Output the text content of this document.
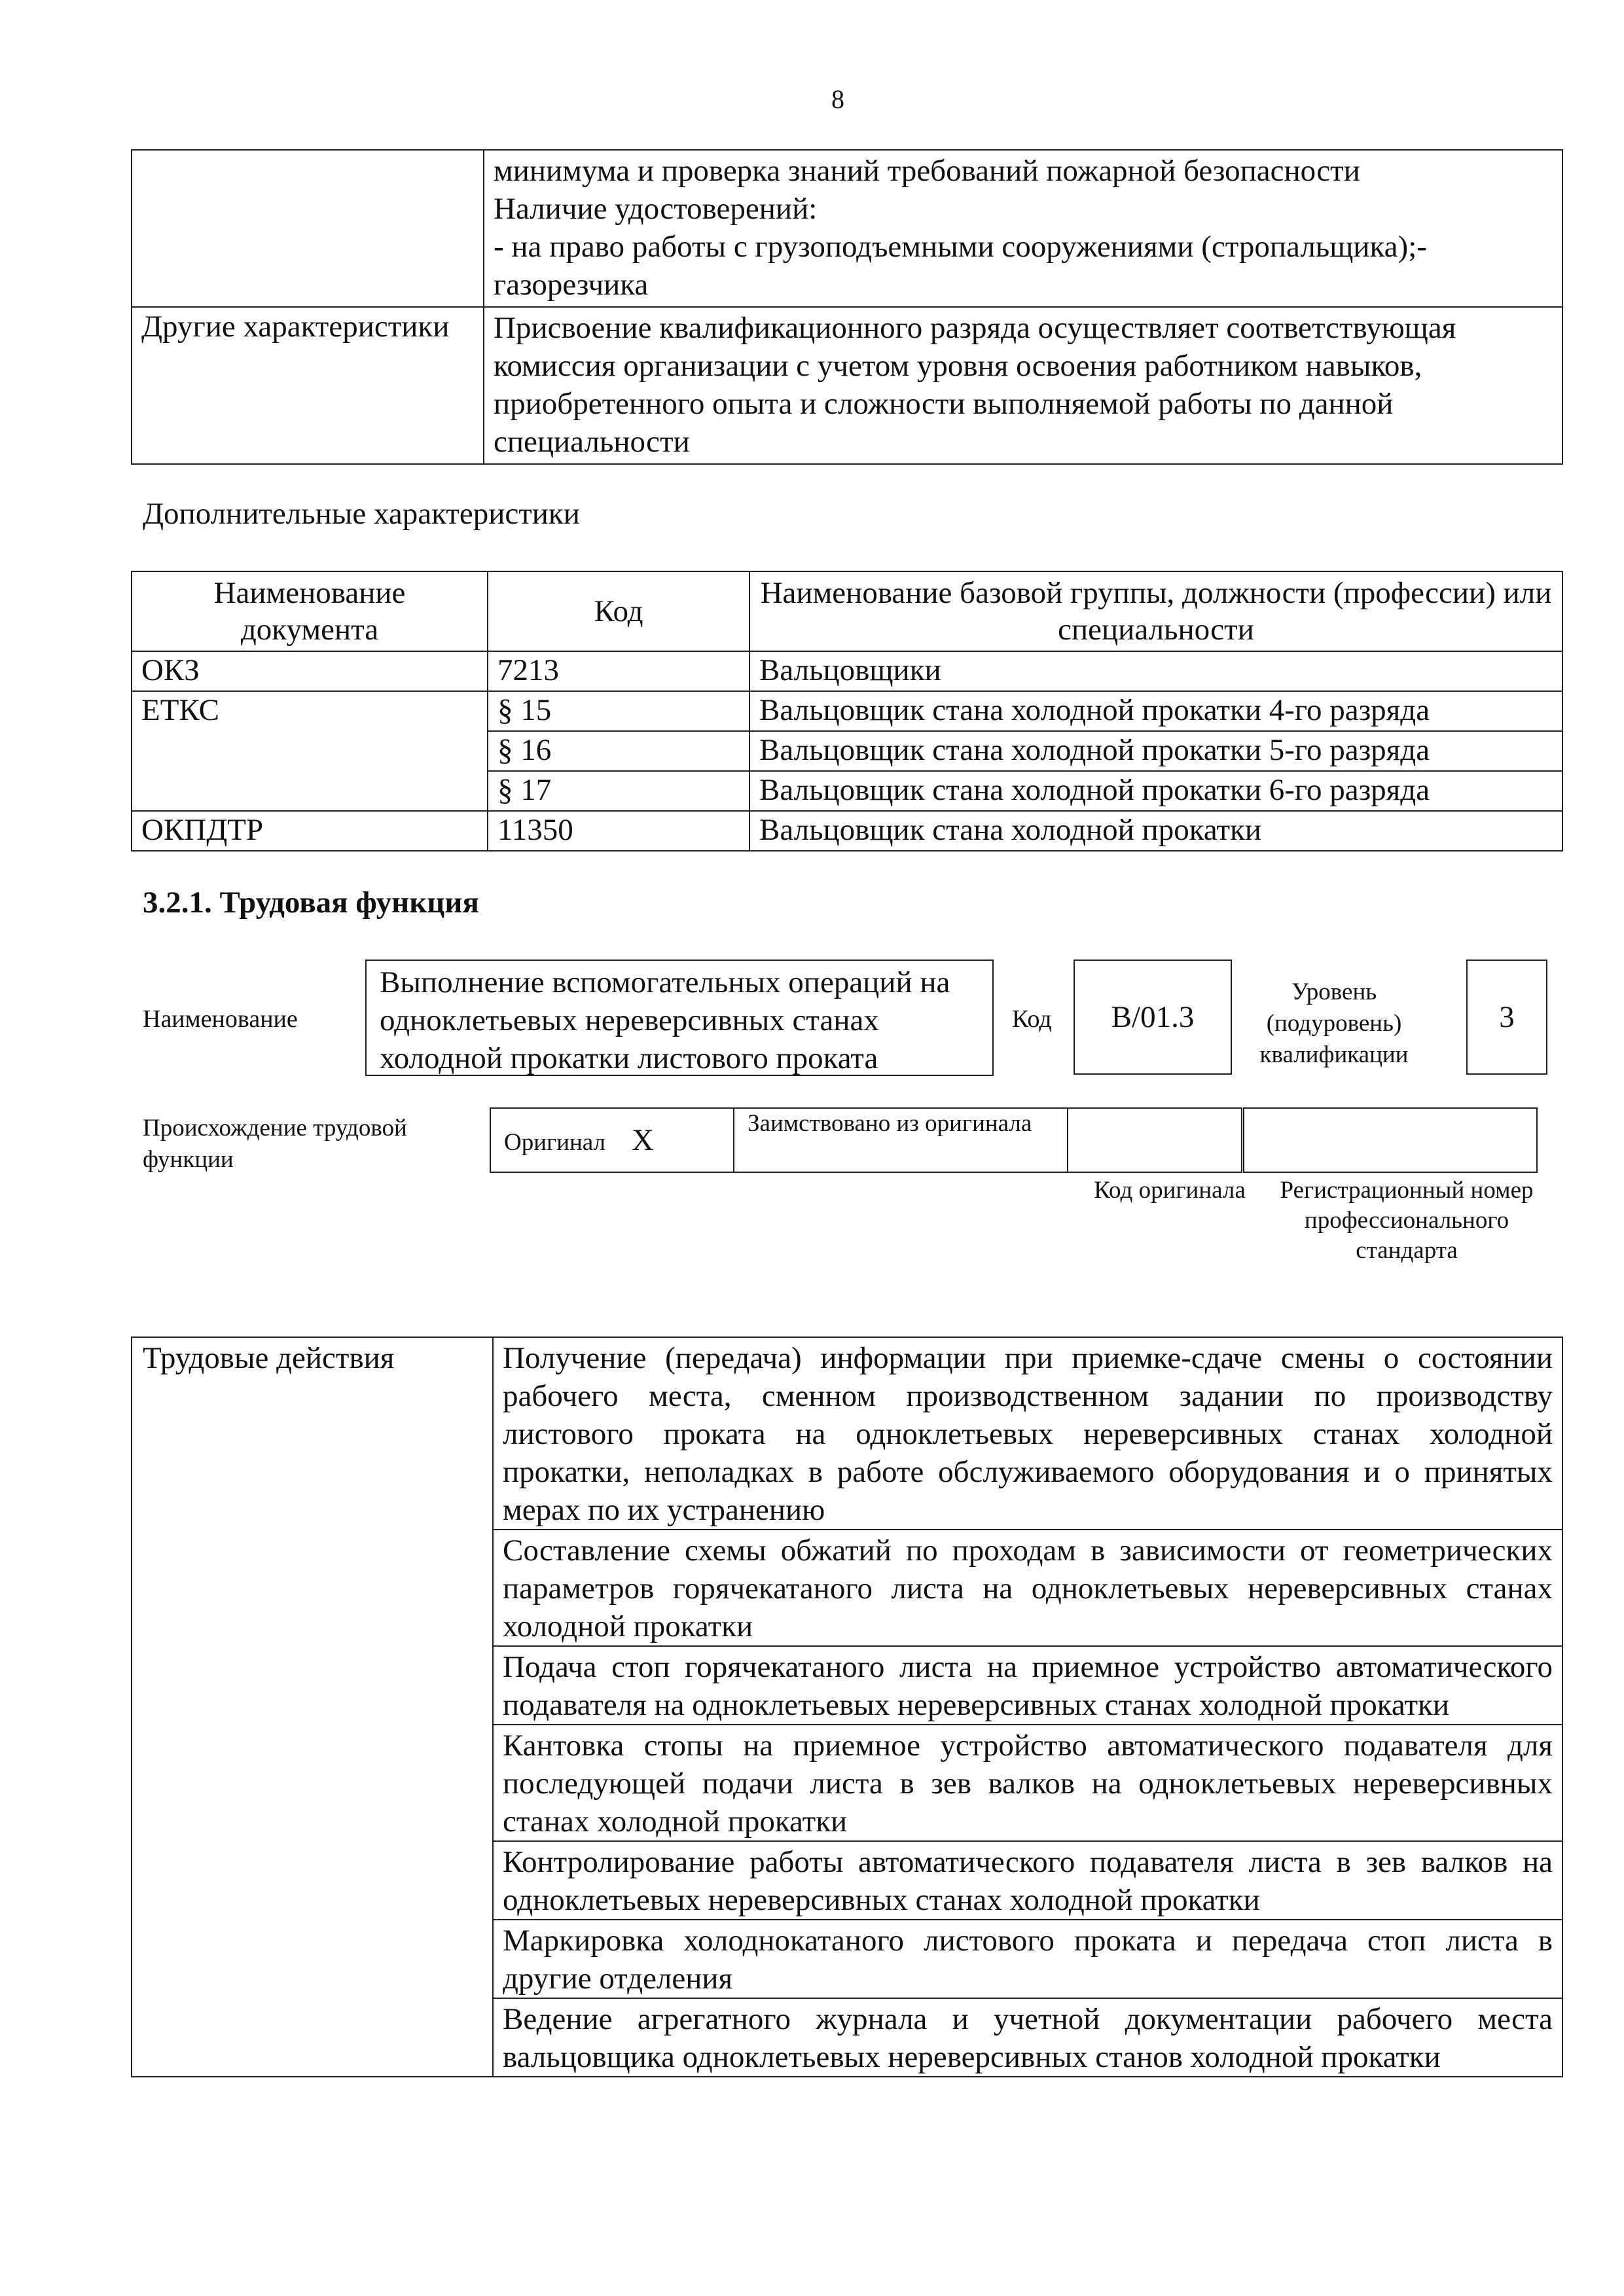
8

	минимума и проверка знаний требований пожарной безопасности
Наличие удостоверений:
- на право работы с грузоподъемными сооружениями (стропальщика);-
газорезчика

Другие характеристики	Присвоение квалификационного разряда осуществляет соответствующая комиссия организации с учетом уровня освоения работником навыков, приобретенного опыта и сложности выполняемой работы по данной специальности
Дополнительные характеристики
Наименование документа	Код	Наименование базовой группы, должности (профессии) или специальности
ОКЗ	7213	Вальцовщики
ЕТКС	§ 15	Вальцовщик стана холодной прокатки 4-го разряда
	§ 16	Вальцовщик стана холодной прокатки 5-го разряда
	§ 17	Вальцовщик стана холодной прокатки 6-го разряда
ОКПДТР	11350	Вальцовщик стана холодной прокатки
3.2.1. Трудовая функция
Наименование
Выполнение вспомогательных операций на одноклетьевых нереверсивных станах холодной прокатки листового проката
Код	B/01.3
Уровень (подуровень) квалификации
3
Происхождение трудовой функции
Оригинал X	Заимствовано из оригинала

Код оригинала	Регистрационный номер профессионального стандарта
Трудовые действия	Получение (передача) информации при приемке-сдаче смены о состоянии рабочего места, сменном производственном задании по производству листового проката на одноклетьевых нереверсивных станах холодной прокатки, неполадках в работе обслуживаемого оборудования и о принятых мерах по их устранению
Составление схемы обжатий по проходам в зависимости от геометрических параметров горячекатаного листа на одноклетьевых нереверсивных станах холодной прокатки
Подача стоп горячекатаного листа на приемное устройство автоматического подавателя на одноклетьевых нереверсивных станах холодной прокатки
Кантовка стопы на приемное устройство автоматического подавателя для последующей подачи листа в зев валков на одноклетьевых нереверсивных станах холодной прокатки
Контролирование работы автоматического подавателя листа в зев валков на одноклетьевых нереверсивных станах холодной прокатки
Маркировка холоднокатаного листового проката и передача стоп листа в другие отделения
Ведение агрегатного журнала и учетной документации рабочего места вальцовщика одноклетьевых нереверсивных станов холодной прокатки
